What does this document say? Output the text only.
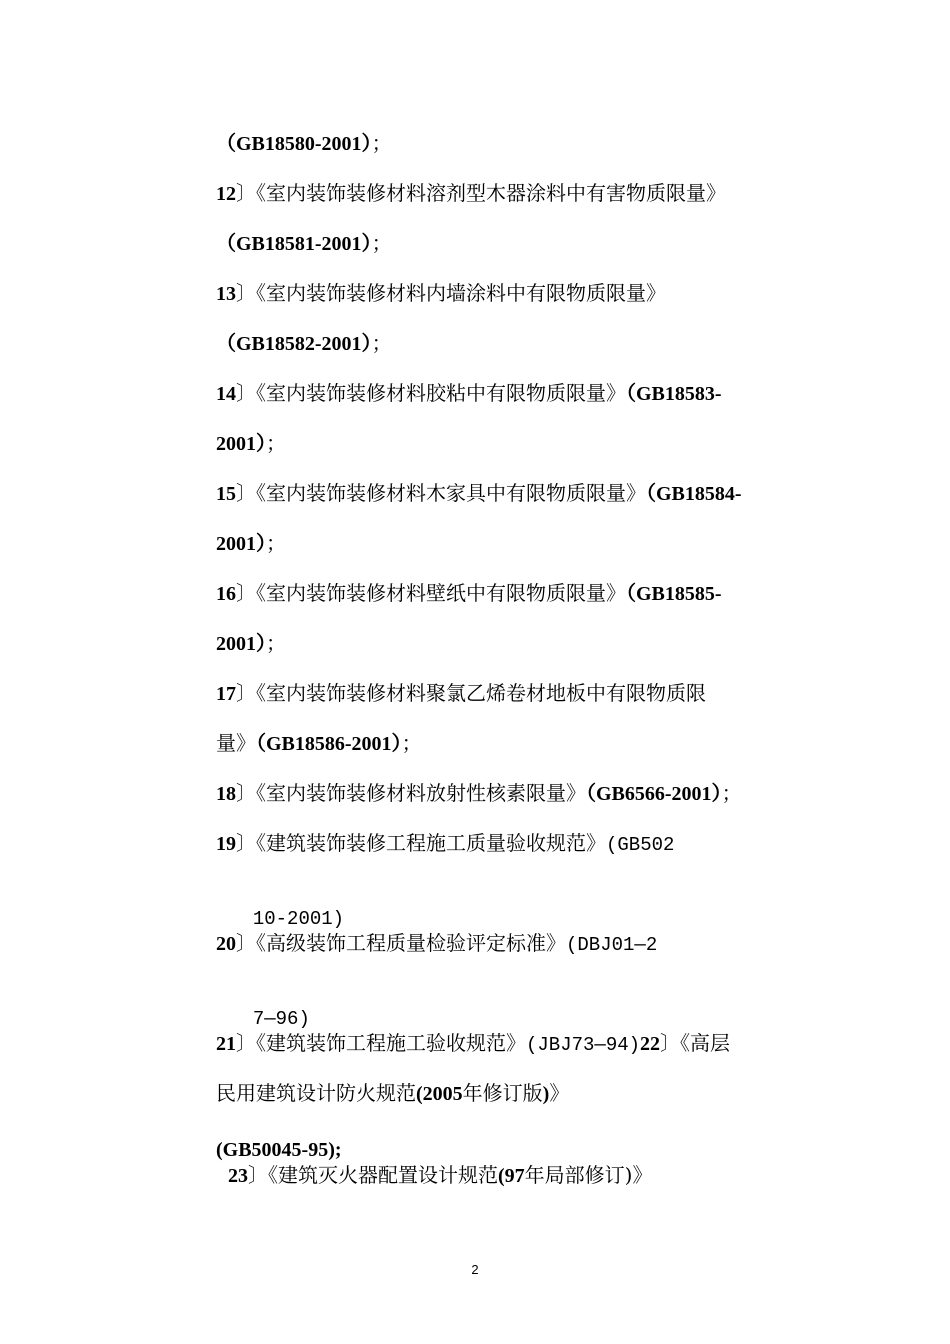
（GB18580-2001）；
12〕《室内装饰装修材料溶剂型木器涂料中有害物质限量》
（GB18581-2001）；
13〕《室内装饰装修材料内墙涂料中有限物质限量》
（GB18582-2001）；
14〕《室内装饰装修材料胶粘中有限物质限量》（GB18583-
2001）；
15〕《室内装饰装修材料木家具中有限物质限量》（GB18584-
2001）；
16〕《室内装饰装修材料壁纸中有限物质限量》（GB18585-
2001）；
17〕《室内装饰装修材料聚氯乙烯卷材地板中有限物质限
量》（GB18586-2001）；
18〕《室内装饰装修材料放射性核素限量》（GB6566-2001）；
19〕《建筑装饰装修工程施工质量验收规范》(GB502

10-2001)

20〕《高级装饰工程质量检验评定标准》(DBJ01—2

7—96)

21〕《建筑装饰工程施工验收规范》(JBJ73—94)22〕《高层
民用建筑设计防火规范(2005年修订版)》
(GB50045-95);
23〕《建筑灭火器配置设计规范(97年局部修订)》
2
